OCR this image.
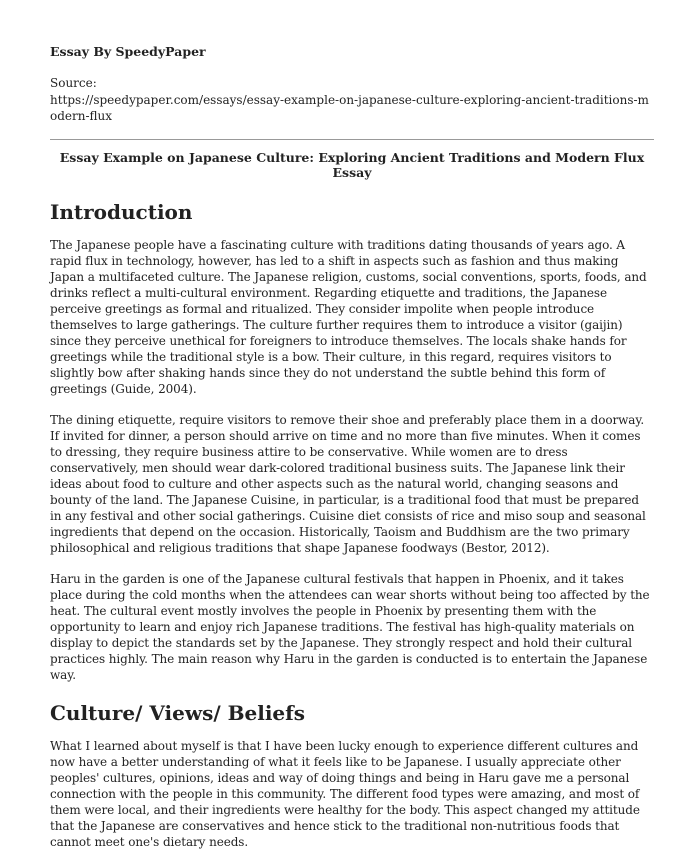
Essay By SpeedyPaper
Source:
https://speedypaper.com/essays/essay-example-on-japanese-culture-exploring-ancient-traditions-modern-flux
Essay Example on Japanese Culture: Exploring Ancient Traditions and Modern Flux Essay
Introduction

The Japanese people have a fascinating culture with traditions dating thousands of years ago. A rapid flux in technology, however, has led to a shift in aspects such as fashion and thus making Japan a multifaceted culture. The Japanese religion, customs, social conventions, sports, foods, and drinks reflect a multi-cultural environment. Regarding etiquette and traditions, the Japanese perceive greetings as formal and ritualized. They consider impolite when people introduce themselves to large gatherings. The culture further requires them to introduce a visitor (gaijin) since they perceive unethical for foreigners to introduce themselves. The locals shake hands for greetings while the traditional style is a bow. Their culture, in this regard, requires visitors to slightly bow after shaking hands since they do not understand the subtle behind this form of greetings (Guide, 2004).

The dining etiquette, require visitors to remove their shoe and preferably place them in a doorway. If invited for dinner, a person should arrive on time and no more than five minutes. When it comes to dressing, they require business attire to be conservative. While women are to dress conservatively, men should wear dark-colored traditional business suits. The Japanese link their ideas about food to culture and other aspects such as the natural world, changing seasons and bounty of the land. The Japanese Cuisine, in particular, is a traditional food that must be prepared in any festival and other social gatherings. Cuisine diet consists of rice and miso soup and seasonal ingredients that depend on the occasion. Historically, Taoism and Buddhism are the two primary philosophical and religious traditions that shape Japanese foodways (Bestor, 2012).

Haru in the garden is one of the Japanese cultural festivals that happen in Phoenix, and it takes place during the cold months when the attendees can wear shorts without being too affected by the heat. The cultural event mostly involves the people in Phoenix by presenting them with the opportunity to learn and enjoy rich Japanese traditions. The festival has high-quality materials on display to depict the standards set by the Japanese. They strongly respect and hold their cultural practices highly. The main reason why Haru in the garden is conducted is to entertain the Japanese way.

Culture/ Views/ Beliefs

What I learned about myself is that I have been lucky enough to experience different cultures and now have a better understanding of what it feels like to be Japanese. I usually appreciate other peoples' cultures, opinions, ideas and way of doing things and being in Haru gave me a personal connection with the people in this community. The different food types were amazing, and most of them were local, and their ingredients were healthy for the body. This aspect changed my attitude that the Japanese are conservatives and hence stick to the traditional non-nutritious foods that cannot meet one's dietary needs.
